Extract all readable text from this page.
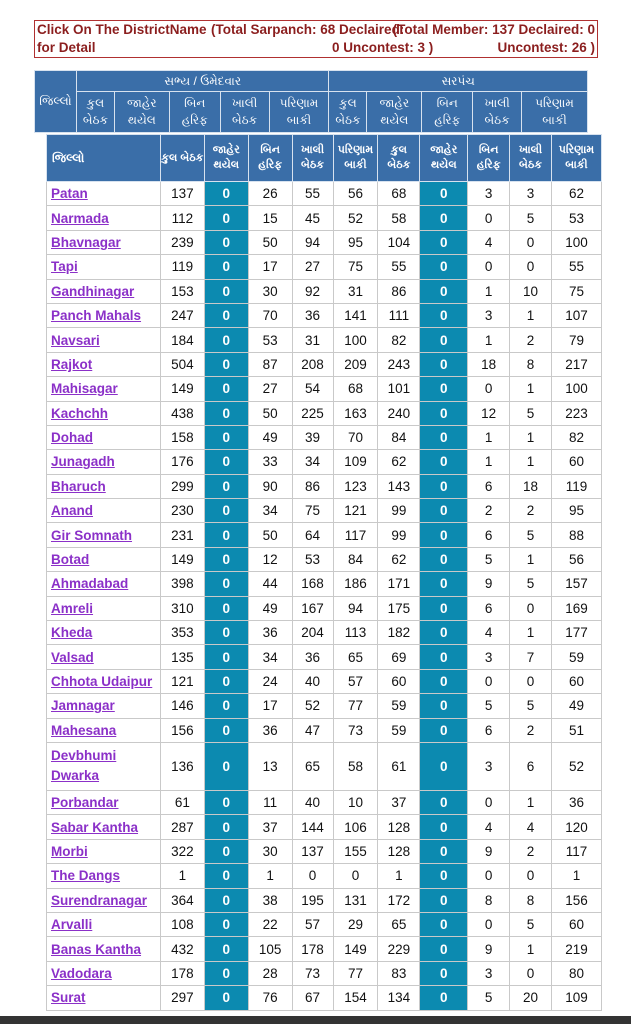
Click On The DistrictName (Total Sarpanch: 68 Declaired:
(Total Member: 137 Declaired: 0
for Detail	0 Uncontest: 3 )	Uncontest: 26 )
જિલ્લો	સભ્ય / ઉમેદવાર					સરપંચ				
	કુલ બેઠક	જાહેર થયેલ	બિન હરિફ	ખાલી બેઠક	પરિણામ બાકી	કુલ બેઠક	જાહેર થયેલ	બિન હરિફ	ખાલી બેઠક	પરિણામ બાકી
જિલ્લો	કુલ બેઠક	જાહેર થયેલ	બિન હરિફ	ખાલી બેઠક	પરિણામ બાકી	કુલ બેઠક	જાહેર થયેલ	બિન હરિફ	ખાલી બેઠક	પરિણામ બાકી
Patan	137	0	26	55	56	68	0	3	3	62
Narmada	112	0	15	45	52	58	0	0	5	53
Bhavnagar	239	0	50	94	95	104	0	4	0	100
Tapi	119	0	17	27	75	55	0	0	0	55
Gandhinagar	153	0	30	92	31	86	0	1	10	75
Panch Mahals	247	0	70	36	141	111	0	3	1	107
Navsari	184	0	53	31	100	82	0	1	2	79
Rajkot	504	0	87	208	209	243	0	18	8	217
Mahisagar	149	0	27	54	68	101	0	0	1	100
Kachchh	438	0	50	225	163	240	0	12	5	223
Dohad	158	0	49	39	70	84	0	1	1	82
Junagadh	176	0	33	34	109	62	0	1	1	60
Bharuch	299	0	90	86	123	143	0	6	18	119
Anand	230	0	34	75	121	99	0	2	2	95
Gir Somnath	231	0	50	64	117	99	0	6	5	88
Botad	149	0	12	53	84	62	0	5	1	56
Ahmadabad	398	0	44	168	186	171	0	9	5	157
Amreli	310	0	49	167	94	175	0	6	0	169
Kheda	353	0	36	204	113	182	0	4	1	177
Valsad	135	0	34	36	65	69	0	3	7	59
Chhota Udaipur	121	0	24	40	57	60	0	0	0	60
Jamnagar	146	0	17	52	77	59	0	5	5	49
Mahesana	156	0	36	47	73	59	0	6	2	51
Devbhumi
Dwarka	136	0	13	65	58	61	0	3	6	52
Porbandar	61	0	11	40	10	37	0	0	1	36
Sabar Kantha	287	0	37	144	106	128	0	4	4	120
Morbi	322	0	30	137	155	128	0	9	2	117
The Dangs	1	0	1	0	0	1	0	0	0	1
Surendranagar	364	0	38	195	131	172	0	8	8	156
Arvalli	108	0	22	57	29	65	0	0	5	60
Banas Kantha	432	0	105	178	149	229	0	9	1	219
Vadodara	178	0	28	73	77	83	0	3	0	80
Surat	297	0	76	67	154	134	0	5	20	109
